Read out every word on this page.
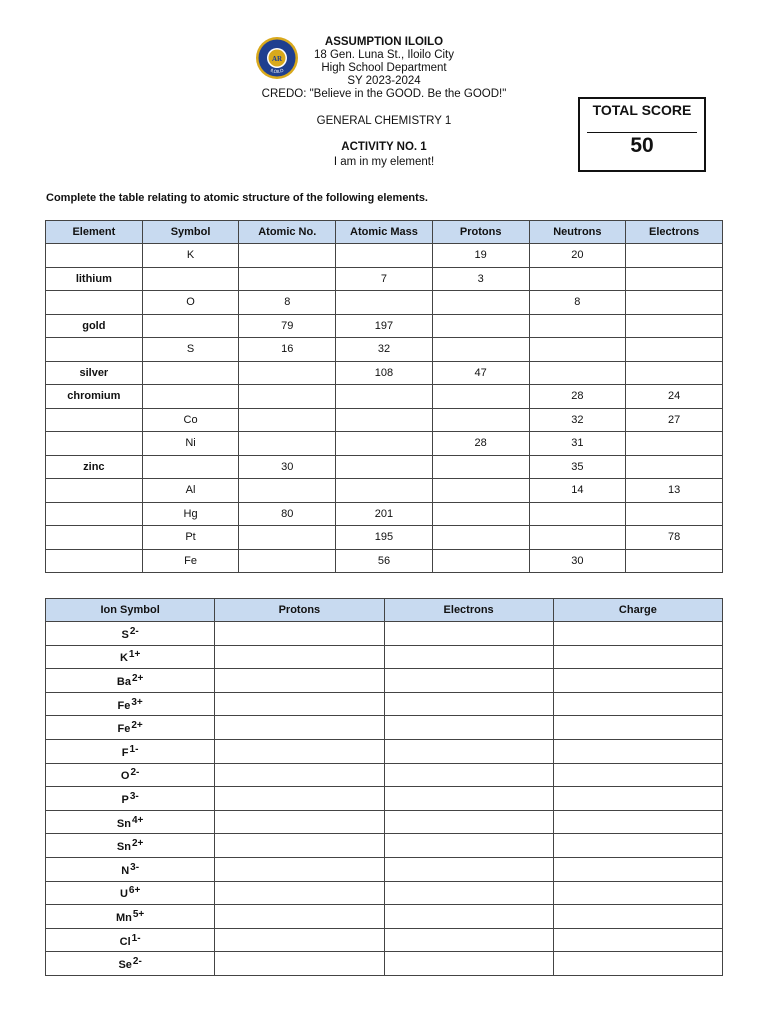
AR
ILOILO
ASSUMPTION ILOILO
18 Gen. Luna St., Iloilo City
High School Department
SY 2023-2024
CREDO: "Believe in the GOOD. Be the GOOD!"
GENERAL CHEMISTRY 1
ACTIVITY NO. 1
I am in my element!
TOTAL SCORE
50
Complete the table relating to atomic structure of the following elements.
Element	Symbol	Atomic No.	Atomic Mass	Protons	Neutrons	Electrons
	K			19	20	
lithium			7	3		
	O	8			8	
gold		79	197			
	S	16	32			
silver			108	47		
chromium					28	24
	Co				32	27
	Ni			28	31	
zinc		30			35	
	Al				14	13
	Hg	80	201			
	Pt		195			78
	Fe		56		30	
Ion Symbol	Protons	Electrons	Charge
$S^{2-}$			
$K^{1+}$			
$Ba^{2+}$			
$Fe^{3+}$			
$Fe^{2+}$			
$F^{1-}$			
$O^{2-}$			
$P^{3-}$			
$Sn^{4+}$			
$Sn^{2+}$			
$N^{3-}$			
$U^{6+}$			
$Mn^{5+}$			
$Cl^{1-}$			
$Se^{2-}$			
